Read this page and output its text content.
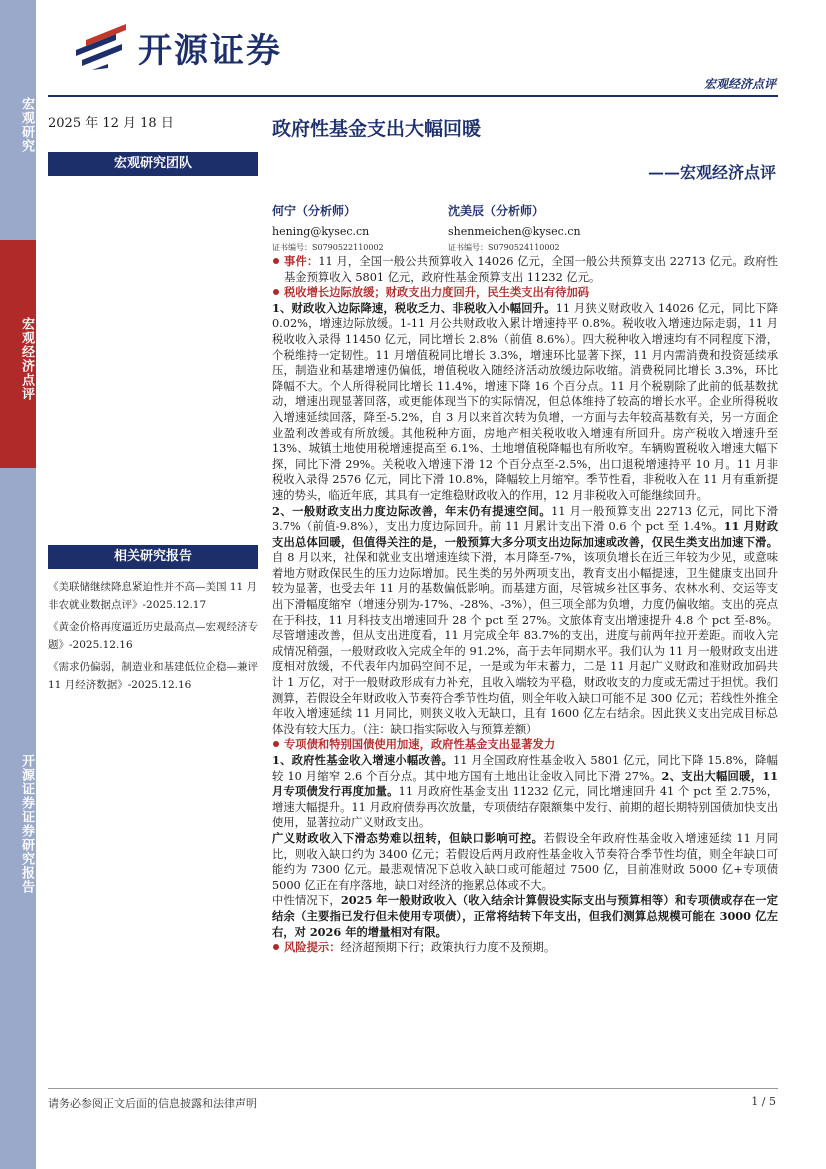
宏观研究
宏观经济点评
开源证券证券研究报告
开源证券
宏观经济点评
2025 年 12 月 18 日	政府性基金支出大幅回暖
宏观研究团队	——宏观经济点评
何宁（分析师）
hening@kysec.cn
证书编号：S0790522110002
沈美辰（分析师）
shenmeichen@kysec.cn
证书编号：S0790524110002
相关研究报告
《美联储继续降息紧迫性并不高—美国 11 月非农就业数据点评》-2025.12.17
《黄金价格再度逼近历史最高点—宏观经济专题》-2025.12.16
《需求仍偏弱，制造业和基建低位企稳—兼评 11 月经济数据》-2025.12.16

事件：11 月，全国一般公共预算收入 14026 亿元，全国一般公共预算支出 22713 亿元。政府性基金预算收入 5801 亿元，政府性基金预算支出 11232 亿元。

税收增长边际放缓；财政支出力度回升，民生类支出有待加码

1、财政收入边际降速，税收乏力、非税收入小幅回升。11 月狭义财政收入 14026 亿元，同比下降 0.02%，增速边际放缓。1-11 月公共财政收入累计增速持平 0.8%。税收收入增速边际走弱，11 月税收收入录得 11450 亿元，同比增长 2.8%（前值 8.6%）。四大税种收入增速均有不同程度下滑，个税维持一定韧性。11 月增值税同比增长 3.3%，增速环比显著下探，11 月内需消费和投资延续承压，制造业和基建增速仍偏低，增值税收入随经济活动放缓边际收缩。消费税同比增长 3.3%，环比降幅不大。个人所得税同比增长 11.4%，增速下降 16 个百分点。11 月个税剔除了此前的低基数扰动，增速出现显著回落，或更能体现当下的实际情况，但总体维持了较高的增长水平。企业所得税收入增速延续回落，降至-5.2%，自 3 月以来首次转为负增，一方面与去年较高基数有关，另一方面企业盈利改善或有所放缓。其他税种方面，房地产相关税收收入增速有所回升。房产税收入增速升至 13%、城镇土地使用税增速提高至 6.1%、土地增值税降幅也有所收窄。车辆购置税收入增速大幅下探，同比下滑 29%。关税收入增速下滑 12 个百分点至-2.5%，出口退税增速持平 10 月。11 月非税收入录得 2576 亿元，同比下滑 10.8%，降幅较上月缩窄。季节性看，非税收入在 11 月有重新提速的势头，临近年底，其具有一定维稳财政收入的作用，12 月非税收入可能继续回升。

2、一般财政支出力度边际改善，年末仍有提速空间。11 月一般预算支出 22713 亿元，同比下滑 3.7%（前值-9.8%），支出力度边际回升。前 11 月累计支出下滑 0.6 个 pct 至 1.4%。11 月财政支出总体回暖，但值得关注的是，一般预算大多分项支出边际加速或改善，仅民生类支出加速下滑。自 8 月以来，社保和就业支出增速连续下滑，本月降至-7%，该项负增长在近三年较为少见，或意味着地方财政保民生的压力边际增加。民生类的另外两项支出，教育支出小幅提速，卫生健康支出回升较为显著，也受去年 11 月的基数偏低影响。而基建方面，尽管城乡社区事务、农林水利、交运等支出下滑幅度缩窄（增速分别为-17%、-28%、-3%），但三项全部为负增，力度仍偏收缩。支出的亮点在于科技，11 月科技支出增速回升 28 个 pct 至 27%。文旅体育支出增速提升 4.8 个 pct 至-8%。尽管增速改善，但从支出进度看，11 月完成全年 83.7%的支出，进度与前两年拉开差距。而收入完成情况稍强，一般财政收入完成全年的 91.2%，高于去年同期水平。我们认为 11 月一般财政支出进度相对放缓，不代表年内加码空间不足，一是或为年末蓄力，二是 11 月起广义财政和准财政加码共计 1 万亿，对于一般财政形成有力补充，且收入端较为平稳，财政收支的力度或无需过于担忧。我们测算，若假设全年财政收入节奏符合季节性均值，则全年收入缺口可能不足 300 亿元；若线性外推全年收入增速延续 11 月同比，则狭义收入无缺口，且有 1600 亿左右结余。因此狭义支出完成目标总体没有较大压力。（注：缺口指实际收入与预算差额）

专项债和特别国债使用加速，政府性基金支出显著发力

1、政府性基金收入增速小幅改善。11 月全国政府性基金收入 5801 亿元，同比下降 15.8%，降幅较 10 月缩窄 2.6 个百分点。其中地方国有土地出让金收入同比下滑 27%。2、支出大幅回暖，11 月专项债发行再度加量。11 月政府性基金支出 11232 亿元，同比增速回升 41 个 pct 至 2.75%，增速大幅提升。11 月政府债券再次放量，专项债结存限额集中发行、前期的超长期特别国债加快支出使用，显著拉动广义财政支出。

广义财政收入下滑态势难以扭转，但缺口影响可控。若假设全年政府性基金收入增速延续 11 月同比，则收入缺口约为 3400 亿元；若假设后两月政府性基金收入节奏符合季节性均值，则全年缺口可能约为 7300 亿元。最悲观情况下总收入缺口或可能超过 7500 亿，目前准财政 5000 亿+专项债 5000 亿正在有序落地，缺口对经济的拖累总体或不大。

中性情况下，2025 年一般财政收入（收入结余计算假设实际支出与预算相等）和专项债或存在一定结余（主要指已发行但未使用专项债），正常将结转下年支出，但我们测算总规模可能在 3000 亿左右，对 2026 年的增量相对有限。

风险提示：经济超预期下行；政策执行力度不及预期。

请务必参阅正文后面的信息披露和法律声明	1 / 5
